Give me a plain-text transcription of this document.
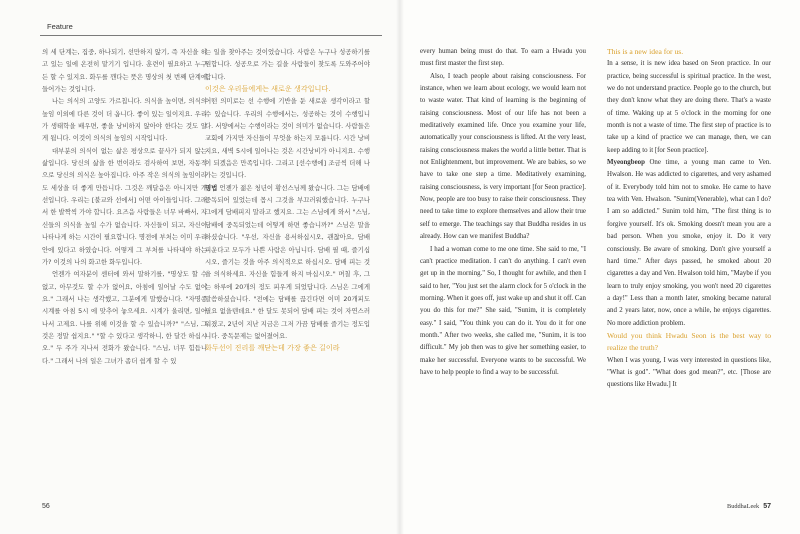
Feature

의 세 단계는, 집중, 하나되기, 선만하지 않기, 즉 자신을 하고 있는 일에 온전히 맡기기 입니다. 훈련이 필요하고 누구든 할 수 있지요. 화두를 깬다는 뜻은 명상의 첫 번째 단계에 들어가는 것입니다.

나는 의식의 고양도 가르칩니다. 의식을 높이면, 의식의 높임 이외에 다른 것이 더 옵니다. 좋이 있는 일이지요. 우리가 생태학을 배우면, 좋을 낭비하지 않아야 한다는 것도 알게 됩니다. 이것이 의식의 높임의 시작입니다.

대부분의 의식이 없는 삶은 평상으로 끝사가 되지 않는 삶입니다. 당신의 삶을 한 번이라도 검사하여 보면, 자동적으로 당신의 의식은 높아집니다. 아주 작은 의식의 높임이라도 세상을 더 좋게 만듭니다. 그것은 깨달음은 아니지만 개선입니다. 우리는 [불교와 선에서] 어떤 아이들입니다. 그래서 한 발짝씩 가야 합니다. 요즈음 사람들은 너무 바빠서, 자신들의 의식을 높일 수가 없습니다. 자신들이 되고, 자신이 나타나게 하는 시간이 필요합니다. 명전에 부처는 이미 우리 안에 있다고 하였습니다. 어떻게 그 부처를 나타내야 하는가? 이것의 나의 화고한 화두입니다.

언젠가 여자분이 센터에 와서 말하기를, "명상도 할 수 없고, 아무것도 할 수가 없어요, 아침에 일어날 수도 없어요." 그래서 나는 생각했고, 그분에게 말했습니다. "자명종시계를 아침 5시 에 맞추어 놓으세요. 시계가 울리면, 일어나서 고제요. 나를 위해 이것을 할 수 있습니까?" "스님, 그것은 정말 쉽지요." "할 수 있다고 생각하니, 한 달간 하십시오." 두 주가 지나서 전화가 왔습니다. "스님, 너무 힘듭니다." 그래서 나의 일은 그녀가 좀더 쉽게 할 수 있

는 일을 찾아주는 것이었습니다. 사람은 누구나 성공하기를 원합니다. 성공으로 가는 길을 사람들이 찾도록 도와주어야 합니다.

이것은 우리들에게는 새로운 생각입니다.

어떤 의미로는 선 수행에 기반을 둔 새로운 생각이라고 할 수 있습니다. 우리의 수행에서는, 성공하는 것이 수행입니다. 서양에서는 수행이라는 것이 의미가 없습니다. 사람들은 교회에 가지만 자신들이 무엇을 하는지 모릅니다. 시간 낭비지요, 새벽 5시에 일어나는 것은 시간낭비가 아니지요. 수행이 되겠음은 만족입니다. 그리고 [선수행에] 조금씩 더해 나가는 것입니다.

명법 언젠가 젊은 청년이 황선스님께 왔습니다. 그는 담배에 중독되어 있었는데 몹시 그것을 부끄러워했습니다. 누구나 그에게 담배피지 말라고 했지요. 그는 스님에게 와서 "스님, 담배에 중독되었는데 어떻게 하면 좋습니까?" 스님은 말을 하셨습니다. "우선, 자신을 용서하십시오, 괜찮아요, 담배 피운다고 모두가 나쁜 사람은 아닙니다. 담배 필 때, 즐기십시오, 즐기는 것을 아주 의식적으로 하십시오. 담배 피는 것을 의식하세요. 자신을 힘들게 하지 마십시오." 며칠 후, 그는 하루에 20개의 정도 피우게 되었답니다. 스님은 그에게 말씀하셨습니다. "전에는 담배를 끊긴다면 이미 20개피도 필요 없을텐데요." 한 달도 못되어 담배 피는 것이 자연스러워졌고, 2년이 지난 지금은 그저 가끔 담배를 즐기는 정도입니다. 중독문제는 없어졌어요.

화두선이 진리를 깨닫는데 가장 좋은 길이라
56

every human being must do that. To earn a Hwadu you must first master the first step.

Also, I teach people about raising consciousness. For instance, when we learn about ecology, we would learn not to waste water. That kind of learning is the beginning of raising consciousness. Most of our life has not been a meditatively examined life. Once you examine your life, automatically your consciousness is lifted. At the very least, raising consciousness makes the world a little better. That is not Enlightenment, but improvement. We are babies, so we have to take one step a time. Meditatively examining, raising consciousness, is very important [for Seon practice]. Now, people are too busy to raise their consciousness. They need to take time to explore themselves and allow their true self to emerge. The teachings say that Buddha resides in us already. How can we manifest Buddha?

I had a woman come to me one time. She said to me, "I can't practice meditation. I can't do anything. I can't even get up in the morning." So, I thought for awhile, and then I said to her, "You just set the alarm clock for 5 o'clock in the morning. When it goes off, just wake up and shut it off. Can you do this for me?" She said, "Sunim, it is completely easy." I said, "You think you can do it. You do it for one month." After two weeks, she called me, "Sunim, it is too difficult." My job then was to give her something easier, to make her successful. Everyone wants to be successful. We have to help people to find a way to be successful.

This is a new idea for us.

In a sense, it is new idea based on Seon practice. In our practice, being successful is spiritual practice. In the west, we do not understand practice. People go to the church, but they don't know what they are doing there. That's a waste of time. Waking up at 5 o'clock in the morning for one month is not a waste of time. The first step of practice is to take up a kind of practice we can manage, then, we can keep adding to it [for Seon practice].

Myeongbeop One time, a young man came to Ven. Hwalson. He was addicted to cigarettes, and very ashamed of it. Everybody told him not to smoke. He came to have tea with Ven. Hwalson. "Sunim(Venerable), what can I do? I am so addicted." Sunim told him, "The first thing is to forgive yourself. It's ok. Smoking doesn't mean you are a bad person. When you smoke, enjoy it. Do it very consciously. Be aware of smoking. Don't give yourself a hard time." After days passed, he smoked about 20 cigarettes a day and Ven. Hwalson told him, "Maybe if you learn to truly enjoy smoking, you won't need 20 cigarettes a day!" Less than a month later, smoking became natural and 2 years later, now, once a while, he enjoys cigarettes. No more addiction problem.

Would you think Hwadu Seon is the best way to realize the truth?

When I was young, I was very interested in questions like, "What is god". "What does god mean?", etc. [Those are questions like Hwadu.] It

BuddhaLeek 57
